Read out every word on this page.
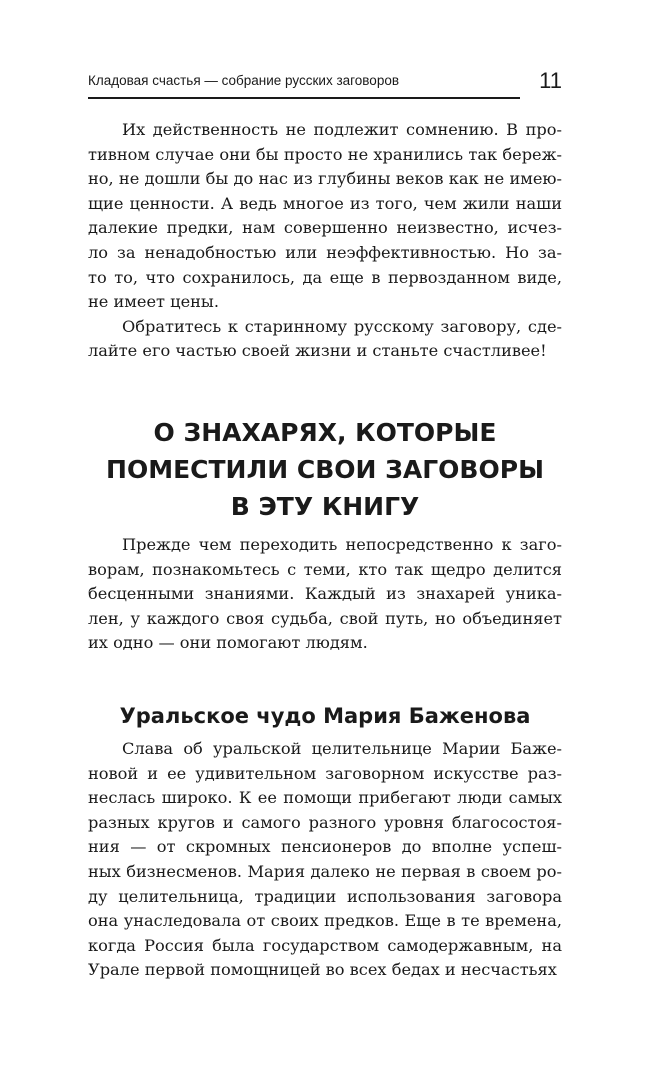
Кладовая счастья — собрание русских заговоров	11

Их действенность не подлежит сомнению. В про-
тивном случае они бы просто не хранились так береж-
но, не дошли бы до нас из глубины веков как не имею-
щие ценности. А ведь многое из того, чем жили наши
далекие предки, нам совершенно неизвестно, исчез-
ло за ненадобностью или неэффективностью. Но за-
то то, что сохранилось, да еще в первозданном виде,
не имеет цены.

Обратитесь к старинному русскому заговору, сде-
лайте его частью своей жизни и станьте счастливее!

О ЗНАХАРЯХ, КОТОРЫЕ
ПОМЕСТИЛИ СВОИ ЗАГОВОРЫ
В ЭТУ КНИГУ

Прежде чем переходить непосредственно к заго-
ворам, познакомьтесь с теми, кто так щедро делится
бесценными знаниями. Каждый из знахарей уника-
лен, у каждого своя судьба, свой путь, но объединяет
их одно — они помогают людям.

Уральское чудо Мария Баженова

Слава об уральской целительнице Марии Баже-
новой и ее удивительном заговорном искусстве раз-
неслась широко. К ее помощи прибегают люди самых
разных кругов и самого разного уровня благосостоя-
ния — от скромных пенсионеров до вполне успеш-
ных бизнесменов. Мария далеко не первая в своем ро-
ду целительница, традиции использования заговора
она унаследовала от своих предков. Еще в те времена,
когда Россия была государством самодержавным, на
Урале первой помощницей во всех бедах и несчастьях
